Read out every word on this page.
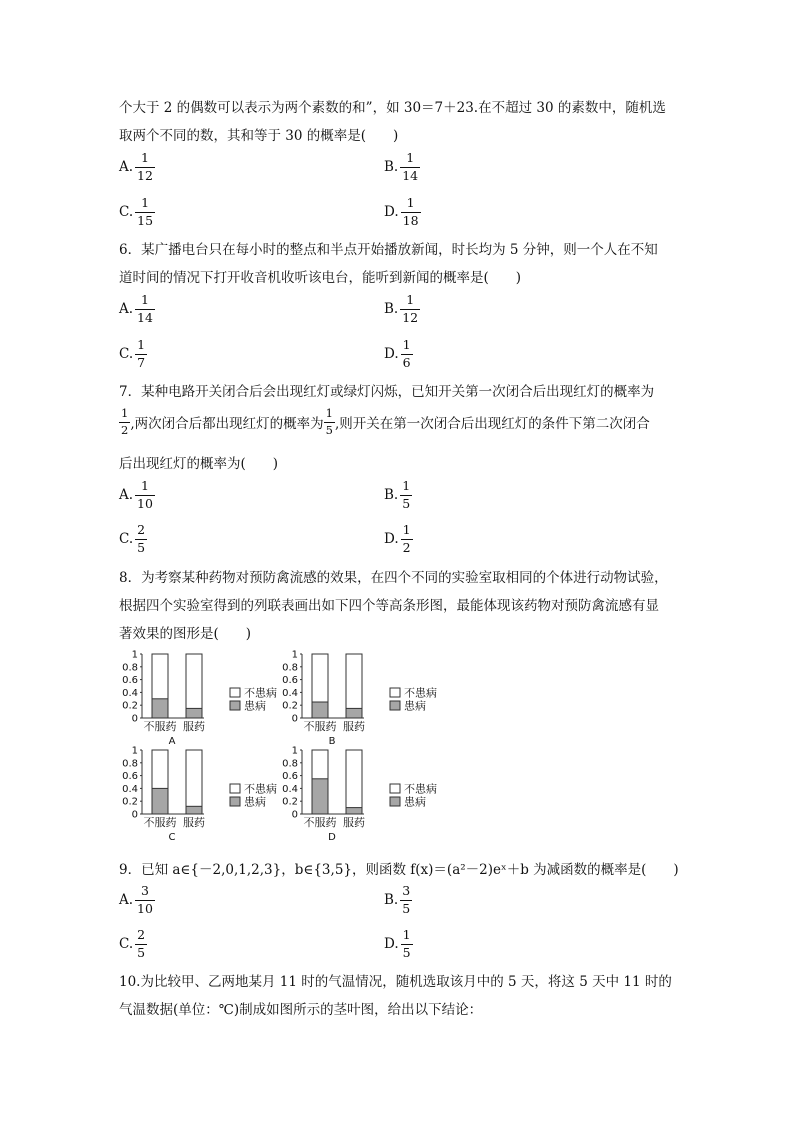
个大于 2 的偶数可以表示为两个素数的和”，如 30＝7＋23.在不超过 30 的素数中，随机选
取两个不同的数，其和等于 30 的概率是(　　)
A. $\frac{1}{12}$	B. $\frac{1}{14}$
C. $\frac{1}{15}$	D. $\frac{1}{18}$
6．某广播电台只在每小时的整点和半点开始播放新闻，时长均为 5 分钟，则一个人在不知
道时间的情况下打开收音机收听该电台，能听到新闻的概率是(　　)
A. $\frac{1}{14}$	B. $\frac{1}{12}$
C. $\frac{1}{7}$	D. $\frac{1}{6}$
7．某种电路开关闭合后会出现红灯或绿灯闪烁，已知开关第一次闭合后出现红灯的概率为
$\frac{1}{2}$ ,两次闭合后都出现红灯的概率为 $\frac{1}{5}$ ,则开关在第一次闭合后出现红灯的条件下第二次闭合
后出现红灯的概率为(　　)
A. $\frac{1}{10}$	B. $\frac{1}{5}$
C. $\frac{2}{5}$	D. $\frac{1}{2}$
8．为考察某种药物对预防禽流感的效果，在四个不同的实验室取相同的个体进行动物试验，
根据四个实验室得到的列联表画出如下四个等高条形图，最能体现该药物对预防禽流感有显
著效果的图形是(　　)
0
0.2
0.4
0.6
0.8
1
不服药 服药
A
不患病
患病
0
0.2
0.4
0.6
0.8
1
不服药 服药
B
不患病
患病
0
0.2
0.4
0.6
0.8
1
不服药 服药
C
不患病
患病
0
0.2
0.4
0.6
0.8
1
不服药 服药
D
不患病
患病
9．已知 a∈{－2,0,1,2,3}，b∈{3,5}，则函数 f(x)＝(a²－2)eˣ＋b 为减函数的概率是(　　)
A. $\frac{3}{10}$	B. $\frac{3}{5}$
C. $\frac{2}{5}$	D. $\frac{1}{5}$
10.为比较甲、乙两地某月 11 时的气温情况，随机选取该月中的 5 天，将这 5 天中 11 时的
气温数据(单位：℃)制成如图所示的茎叶图，给出以下结论：
